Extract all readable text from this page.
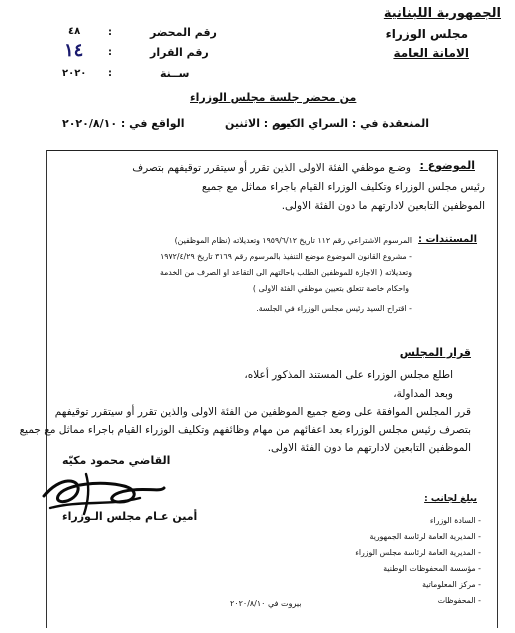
الجمهورية اللبنانية
مجلس الوزراء
الامانة العامة
رقم المحضر
:
٤٨
رقم القرار
:
١٤
ســنة
:
٢٠٢٠
من محضر جلسة مجلس الوزراء
المنعقدة في : السراي الكبير
يوم : الاثنين
الواقع في : ٢٠٢٠/٨/١٠
الموضوع :
وضـع موظفي الفئة الاولى الذين تقرر أو سيتقرر توقيفهم بتصرف
رئيس مجلس الوزراء وتكليف الوزراء القيام باجراء مماثل مع جميع
الموظفين التابعين لادارتهم ما دون الفئة الاولى.
المستندات :
المرسوم الاشتراعي رقم ١١٢ تاريخ ١٩٥٩/٦/١٢ وتعديلاته (نظام الموظفين)
- مشروع القانون الموضوع موضع التنفيذ بالمرسوم رقم ٣١٦٩ تاريخ ١٩٧٢/٤/٢٩
وتعديلاته ( الاجازة للموظفين الطلب باحالتهم الى التقاعد او الصرف من الخدمة
واحكام خاصة تتعلق بتعيين موظفي الفئة الاولى )
- اقتراح السيد رئيس مجلس الوزراء في الجلسة.
قرار المجلس
اطلع مجلس الوزراء على المستند المذكور أعلاه،
وبعد المداولة،
قرر المجلس الموافقة على وضع جميع الموظفين من الفئة الاولى والذين تقرر أو سيتقرر توقيفهم
بتصرف رئيس مجلس الوزراء بعد اعفائهم من مهام وظائفهم وتكليف الوزراء القيام باجراء مماثل مع جميع
الموظفين التابعين لادارتهم ما دون الفئة الاولى.
القاضي محمود مكيّه
أمين عـام مجلس الـوزراء
يبلغ لجانب :
- السادة الوزراء
- المديرية العامة لرئاسة الجمهورية
- المديرية العامة لرئاسة مجلس الوزراء
- مؤسسة المحفوظات الوطنية
- مركز المعلوماتية
- المحفوظات
بيروت في ٢٠٢٠/٨/١٠
